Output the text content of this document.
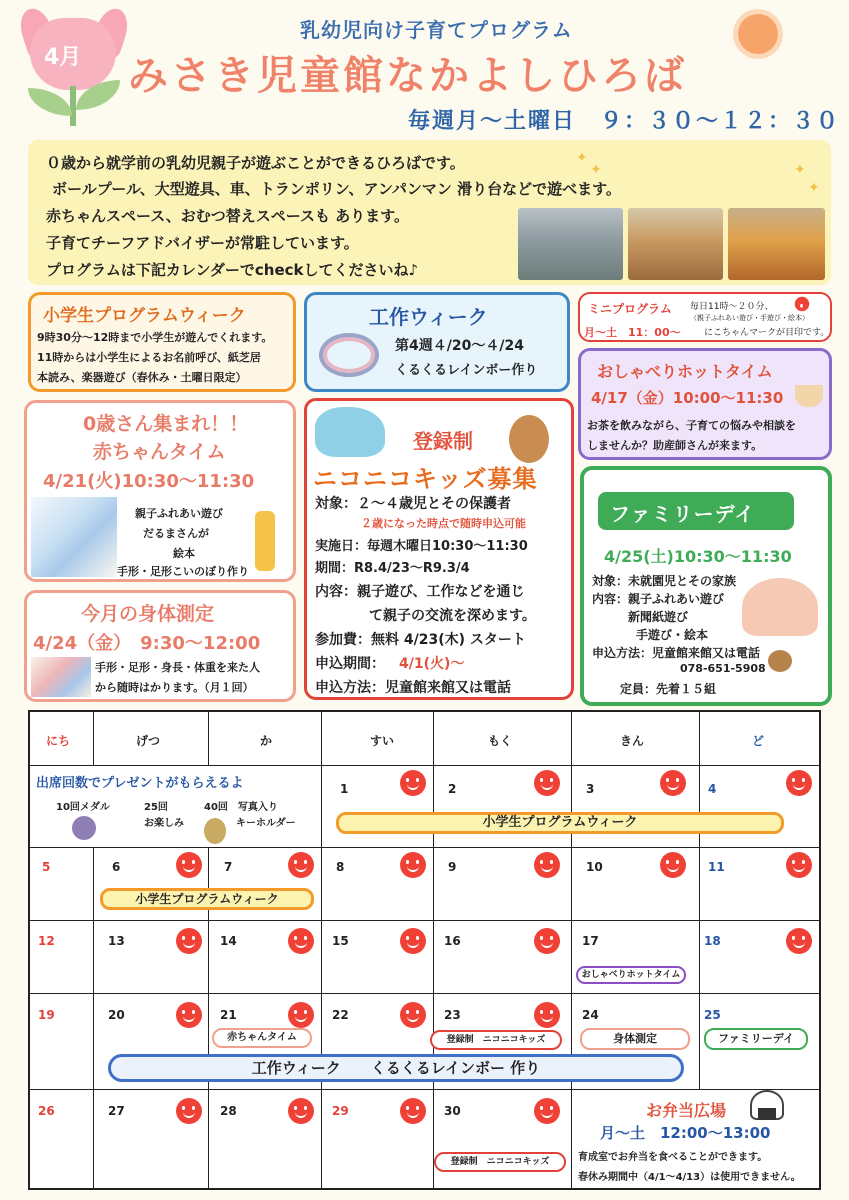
4月
乳幼児向け子育てプログラム
みさき児童館なかよしひろば
毎週月〜土曜日　９：３０〜１２：３０

０歳から就学前の乳幼児親子が遊ぶことができるひろばです。

ボールプール、大型遊具、車、トランポリン、アンパンマン 滑り台などで遊べます。

赤ちゃんスペース、おむつ替えスペースも あります。

子育てチーフアドバイザーが常駐しています。

プログラムは下記カレンダーでcheckしてくださいね♪

✦
✦	✦
✦
小学生プログラムウィーク
9時30分〜12時まで小学生が遊んでくれます。
11時からは小学生によるお名前呼び、紙芝居
本読み、楽器遊び（春休み・土曜日限定）
工作ウィーク
第4週４/20〜４/24
くるくるレインボー作り
ミニプログラム 毎日11時〜２０分、
（親子ふれあい遊び・手遊び・絵本）
月〜土　11：00〜	にこちゃんマークが目印です。
おしゃべりホットタイム
4/17（金）10:00〜11:30
お茶を飲みながら、子育ての悩みや相談を
しませんか？助産師さんが来ます。
0歳さん集まれ！！
赤ちゃんタイム
4/21(火)10:30〜11:30
親子ふれあい遊び
だるまさんが
絵本
手形・足形こいのぼり作り
登録制
ニコニコキッズ募集
対象：２〜４歳児とその保護者
２歳になった時点で随時申込可能
実施日：毎週木曜日10:30〜11:30
期間：R8.4/23〜R9.3/4
内容：親子遊び、工作などを通じ
て親子の交流を深めます。
参加費：無料 4/23(木) スタート
申込期間： 4/1(火)〜
申込方法：児童館来館又は電話
今月の身体測定
4/24（金）　9:30〜12:00
手形・足形・身長・体重を来た人
から随時はかります。（月１回）
ファミリーデイ
4/25(土)10:30〜11:30
対象：未就園児とその家族
内容：親子ふれあい遊び
新聞紙遊び
手遊び・絵本
申込方法：児童館来館又は電話
078-651-5908
定員：先着１５組
にち	げつ	か	すい	もく	きん	ど
出席回数でプレゼントがもらえるよ
10回メダル	25回	40回　写真入り
お楽しみ	キーホルダー
1	2	3	4
小学生プログラムウィーク
5	6	7	8	9	10	11
小学生プログラムウィーク
12	13	14	15	16	17	18
おしゃべりホットタイム
19	20	21	22	23	24	25
赤ちゃんタイム	登録制　ニコニコキッズ	身体測定	ファミリーデイ
工作ウィーク　　くるくるレインボー 作り
26	27	28	29	30
登録制　ニコニコキッズ
お弁当広場
月〜土　12:00〜13:00
育成室でお弁当を食べることができます。
春休み期間中（4/1〜4/13）は使用できません。
